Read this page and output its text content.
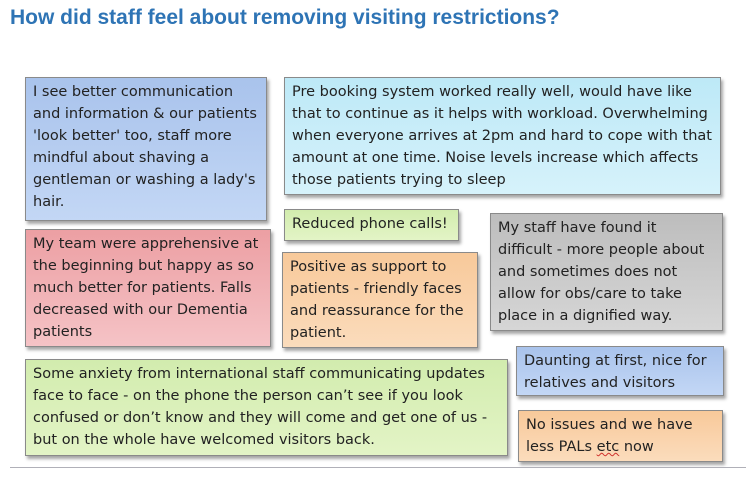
How did staff feel about removing visiting restrictions?
I see better communication and information & our patients 'look better' too, staff more mindful about shaving a gentleman or washing a lady's hair.
Pre booking system worked really well, would have like that to continue as it helps with workload. Overwhelming when everyone arrives at 2pm and hard to cope with that amount at one time. Noise levels increase which affects those patients trying to sleep
Reduced phone calls!	My staff have found it difficult - more people about and sometimes does not allow for obs/care to take place in a dignified way.
My team were apprehensive at the beginning but happy as so much better for patients. Falls decreased with our Dementia patients
Positive as support to patients - friendly faces and reassurance for the patient.
Daunting at first, nice for relatives and visitors
Some anxiety from international staff communicating updates face to face - on the phone the person can’t see if you look confused or don’t know and they will come and get one of us - but on the whole have welcomed visitors back.
No issues and we have less PALs etc now
